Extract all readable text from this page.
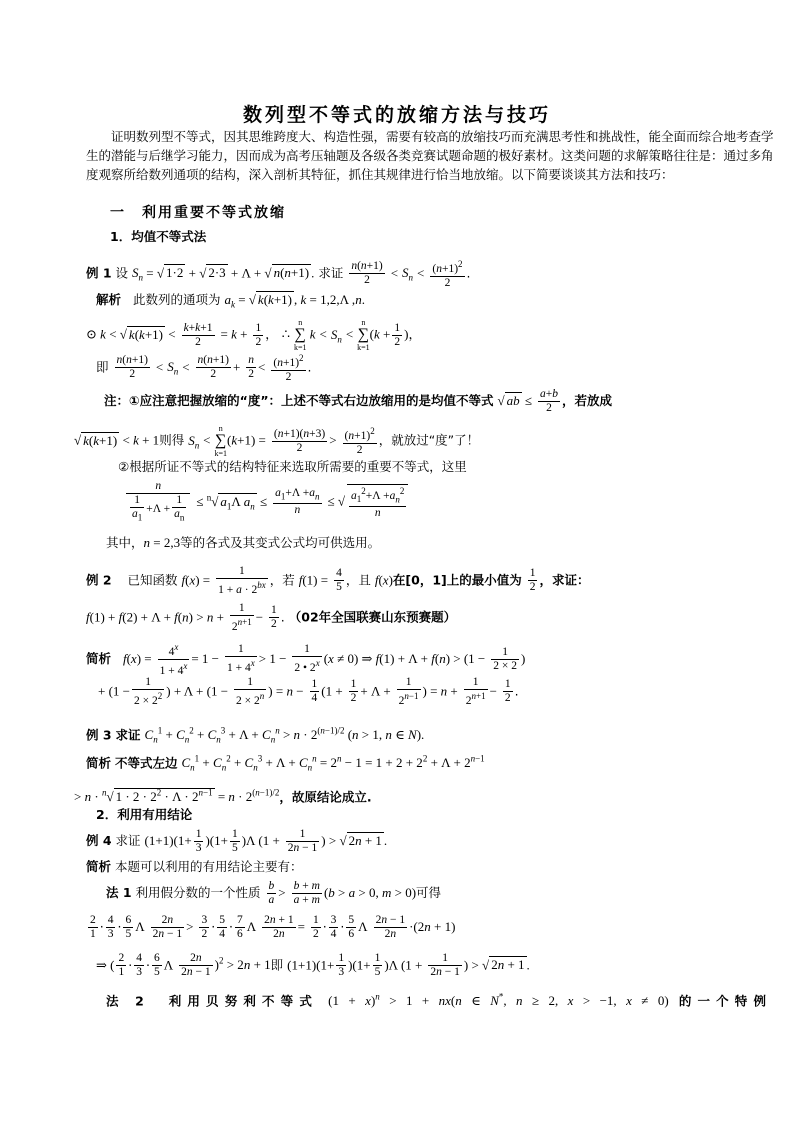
数列型不等式的放缩方法与技巧
证明数列型不等式，因其思维跨度大、构造性强，需要有较高的放缩技巧而充满思考性和挑战性，能全面而综合地考查学生的潜能与后继学习能力，因而成为高考压轴题及各级各类竞赛试题命题的极好素材。这类问题的求解策略往往是：通过多角度观察所给数列通项的结构，深入剖析其特征，抓住其规律进行恰当地放缩。以下简要谈谈其方法和技巧：
一　利用重要不等式放缩
1．均值不等式法
例 1 设 $S_n$ = √ 1·2 + √ 2·3 + Λ + √ n(n+1) . 求证 $\frac{n(n+1)}{2} < S_n < \frac{(n+1)^2}{2}$ .
解析 此数列的通项为 $a_k$ = √ k(k+1) , k = 1,2,Λ ,n.
⊙ k < √ $k(k+1) < \frac{k+k+1}{2} = k + \frac{1}{2}$ ， ∴
n
∑
k=1
$k < S_n$ <
n
∑
k=1
($k + \frac{1}{2}$ )，
即 $\frac{n(n+1)}{2} < S_n < \frac{n(n+1)}{2} + \frac{n}{2} < \frac{(n+1)^2}{2}$ .
注：①应注意把握放缩的“度”：上述不等式右边放缩用的是均值不等式 √ ab ≤ $\frac{a+b}{2}$ ，若放成
√ k(k+1) < k + 1则得 $S_n$ <
n
∑
k=1
$(k+1) = \frac{(n+1)(n+3)}{2} > \frac{(n+1)^2}{2}$ ，就放过“度”了！
②根据所证不等式的结构特征来选取所需要的重要不等式，这里
$\frac{n}{\frac{1}{a_1} +\Lambda + \frac{1}{a_n}} \le ^n√$ $a_1\Lambda$ $a_n \le \frac{a_1+\Lambda +a_n}{n}$ ≤ √ $\frac{a_1^2+\Lambda +a_n^2}{n}$
其中，n = 2,3等的各式及其变式公式均可供选用。
例 2 已知函数 $f(x) = \frac{1}{1 + a \cdot 2^{bx}}$ ，若 $f(1) = \frac{4}{5}$ ，且 f(x)在[0，1]上的最小值为 $\frac{1}{2}$ ，求证：
$f(1) + f(2) + \Lambda + f(n) > n + \frac{1}{2^{n+1}} - \frac{1}{2}$ . （02年全国联赛山东预赛题）
简析 $f(x) = \frac{4^x}{1 + 4^x} = 1 - \frac{1}{1 + 4^x} > 1 - \frac{1}{2 • 2^x} (x \ne 0)$ ⇒ $f(1) + \Lambda + f(n) > (1 - \frac{1}{2 \times 2}$ )
+ ($1 - \frac{1}{2 \times 2^2}$ ) + $\Lambda + (1 - \frac{1}{2 \times 2^n}$ ) = $n - \frac{1}{4} (1 + \frac{1}{2} + \Lambda + \frac{1}{2^{n-1}}$ ) = $n + \frac{1}{2^{n+1}} - \frac{1}{2}$ .
例 3 求证 $C_n^1 + C_n^2 + C_n^3 + \Lambda + C_n^n > n \cdot 2^{(n-1)/2}$ (n > 1, n ∈ N).
简析 不等式左边 $C_n^1 + C_n^2 + C_n^3 + \Lambda + C_n^n = 2^n - 1 = 1 + 2 + 2^2 + \Lambda + 2^{n-1}$
> n · $^n$√ $1 \cdot 2 \cdot 2^2 \cdot \Lambda \cdot 2^{n-1} = n \cdot 2^{(n-1)/2}$，故原结论成立.
2．利用有用结论
例 4 求证 $(1+1)(1+ \frac{1}{3} )(1+ \frac{1}{5} )\Lambda$ ($1 + \frac{1}{2n - 1}$ ) > √ 2n + 1 .
简析 本题可以利用的有用结论主要有：
法 1 利用假分数的一个性质 $\frac{b}{a} > \frac{b + m}{a + m} (b > a > 0$, m > 0)可得
$\frac{2}{1} \cdot \frac{4}{3} \cdot \frac{6}{5}$ Λ $\frac{2n}{2n - 1} > \frac{3}{2} \cdot \frac{5}{4} \cdot \frac{7}{6}$ Λ $\frac{2n + 1}{2n} = \frac{1}{2} \cdot \frac{3}{4} \cdot \frac{5}{6}$ Λ $\frac{2n - 1}{2n} \cdot(2n + 1)$
⇒ ( $\frac{2}{1} \cdot \frac{4}{3} \cdot \frac{6}{5}$ Λ $\frac{2n}{2n - 1} )^2 > 2n + 1$即 $(1+1)(1+ \frac{1}{3} )(1+ \frac{1}{5} )\Lambda$ ($1 + \frac{1}{2n - 1}$ ) > √ 2n + 1 .
法 2　利用贝努利不等式 $(1 + x)^n > 1 + nx(n$ ∈ N*, n ≥ 2, x > −1, x ≠ 0) 的一个特例
